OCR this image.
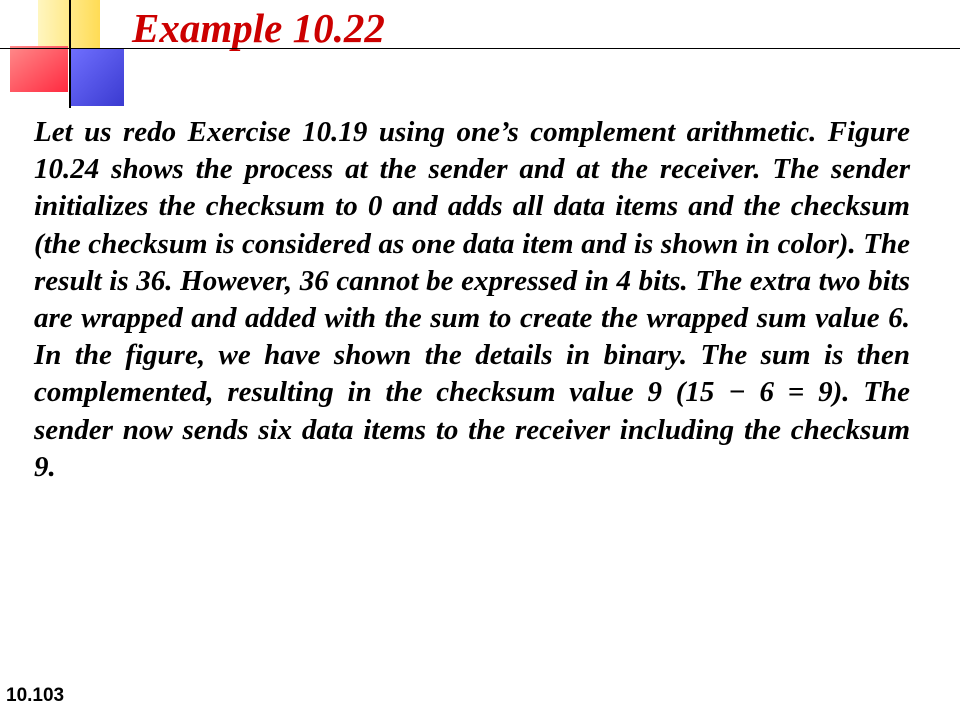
Example 10.22

Let us redo Exercise 10.19 using one’s complement arithmetic. Figure 10.24 shows the process at the sender and at the receiver. The sender initializes the checksum to 0 and adds all data items and the checksum (the checksum is considered as one data item and is shown in color). The result is 36. However, 36 cannot be expressed in 4 bits. The extra two bits are wrapped and added with the sum to create the wrapped sum value 6. In the figure, we have shown the details in binary. The sum is then complemented, resulting in the checksum value 9 (15 − 6 = 9). The sender now sends six data items to the receiver including the checksum 9.

10.103
